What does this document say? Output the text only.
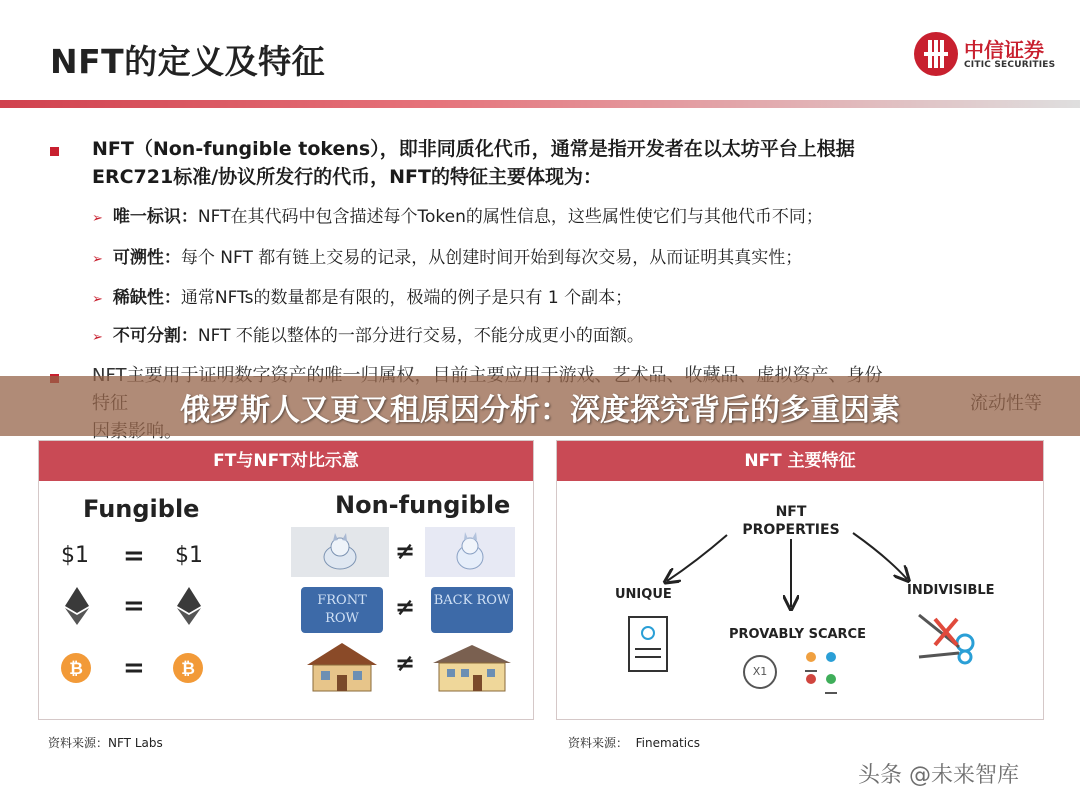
NFT的定义及特征	中信证券
CITIC SECURITIES
NFT（Non-fungible tokens），即非同质化代币，通常是指开发者在以太坊平台上根据
ERC721标准/协议所发行的代币，NFT的特征主要体现为：
➢ 唯一标识：NFT在其代码中包含描述每个Token的属性信息，这些属性使它们与其他代币不同；
➢ 可溯性：每个 NFT 都有链上交易的记录，从创建时间开始到每次交易，从而证明其真实性；
➢ 稀缺性：通常NFTs的数量都是有限的，极端的例子是只有 1 个副本；
➢ 不可分割：NFT 不能以整体的一部分进行交易，不能分成更小的面额。
俄罗斯人又更又租原因分析：深度探究背后的多重因素
FT与NFT对比示意
Fungible	Non-fungible
$1 = $1
=
₿ = ₿
≠
FRONT ROW	≠ BACK ROW
≠
NFT 主要特征
NFT PROPERTIES
UNIQUE	INDIVISIBLE
PROVABLY SCARCE
X1
资料来源：NFT Labs	资料来源： Finematics
头条 @未来智库
